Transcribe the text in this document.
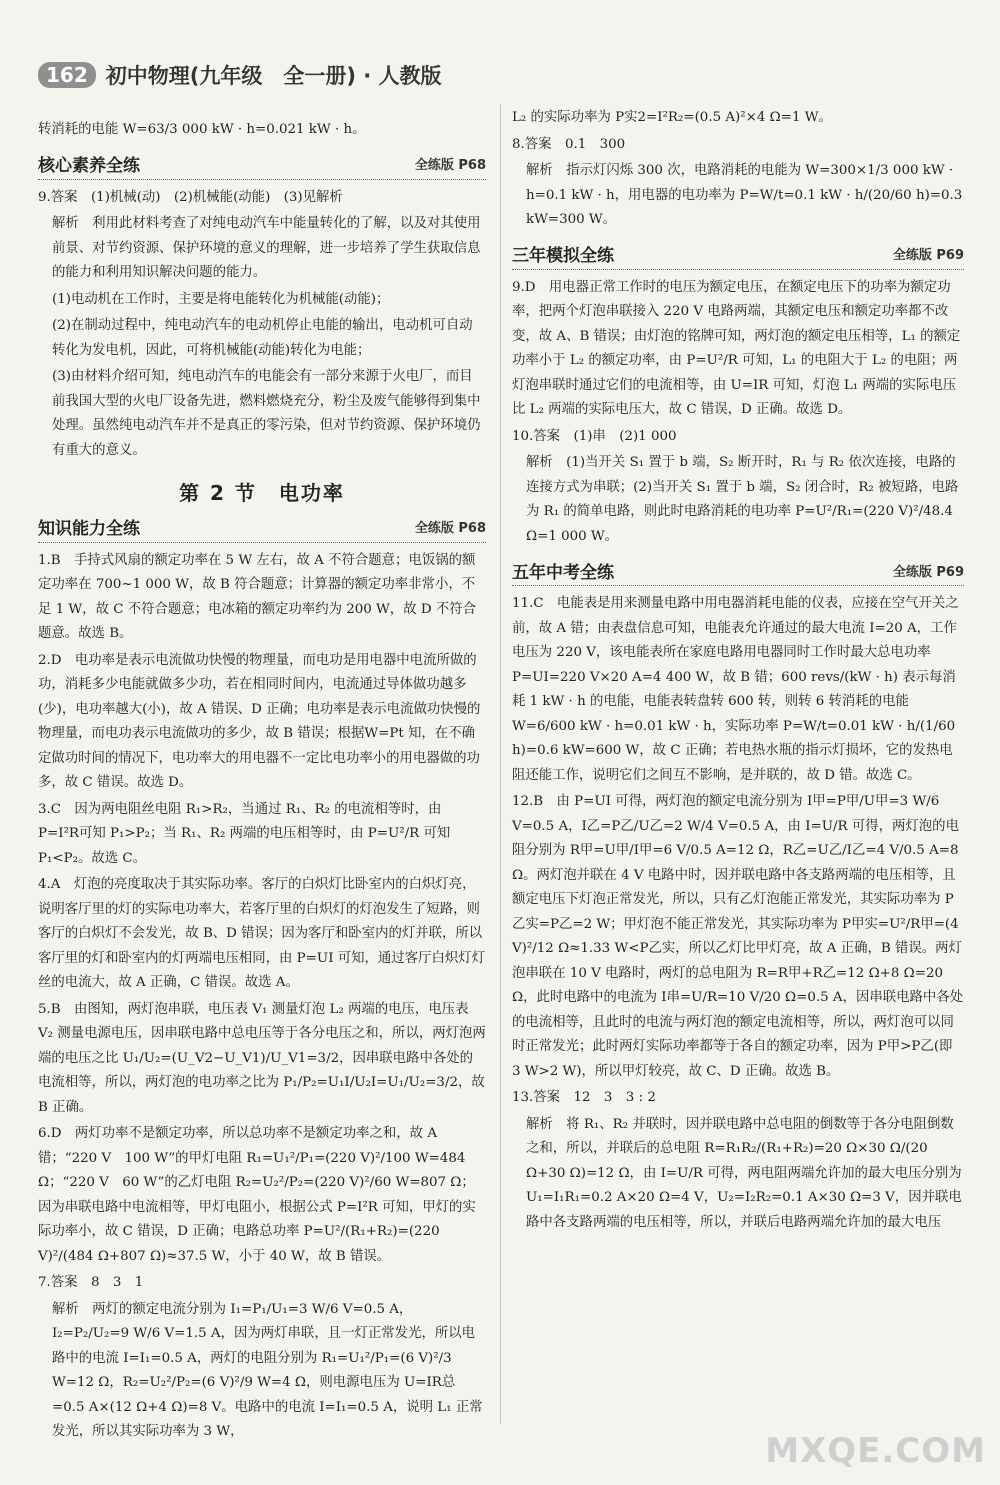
162 初中物理(九年级　全一册) · 人教版

转消耗的电能 W=63/3 000 kW · h=0.021 kW · h。

核心素养全练	全练版 P68

9.答案　(1)机械(动)　(2)机械能(动能)　(3)见解析

解析　利用此材料考查了对纯电动汽车中能量转化的了解，以及对其使用前景、对节约资源、保护环境的意义的理解，进一步培养了学生获取信息的能力和利用知识解决问题的能力。

(1)电动机在工作时，主要是将电能转化为机械能(动能)；

(2)在制动过程中，纯电动汽车的电动机停止电能的输出，电动机可自动转化为发电机，因此，可将机械能(动能)转化为电能；

(3)由材料介绍可知，纯电动汽车的电能会有一部分来源于火电厂，而目前我国大型的火电厂设备先进，燃料燃烧充分，粉尘及废气能够得到集中处理。虽然纯电动汽车并不是真正的零污染，但对节约资源、保护环境仍有重大的意义。

第 2 节　电功率
知识能力全练	全练版 P68

1.B　手持式风扇的额定功率在 5 W 左右，故 A 不符合题意；电饭锅的额定功率在 700~1 000 W，故 B 符合题意；计算器的额定功率非常小，不足 1 W，故 C 不符合题意；电冰箱的额定功率约为 200 W，故 D 不符合题意。故选 B。

2.D　电功率是表示电流做功快慢的物理量，而电功是用电器中电流所做的功，消耗多少电能就做多少功，若在相同时间内，电流通过导体做功越多(少)，电功率越大(小)，故 A 错误、D 正确；电功率是表示电流做功快慢的物理量，而电功表示电流做功的多少，故 B 错误；根据W=Pt 知，在不确定做功时间的情况下，电功率大的用电器不一定比电功率小的用电器做的功多，故 C 错误。故选 D。

3.C　因为两电阻丝电阻 R₁>R₂，当通过 R₁、R₂ 的电流相等时，由 P=I²R可知 P₁>P₂；当 R₁、R₂ 两端的电压相等时，由 P=U²/R 可知 P₁<P₂。故选 C。

4.A　灯泡的亮度取决于其实际功率。客厅的白炽灯比卧室内的白炽灯亮，说明客厅里的灯的实际电功率大，若客厅里的白炽灯的灯泡发生了短路，则客厅的白炽灯不会发光，故 B、D 错误；因为客厅和卧室内的灯并联，所以客厅里的灯和卧室内的灯两端电压相同，由 P=UI 可知，通过客厅白炽灯灯丝的电流大，故 A 正确，C 错误。故选 A。

5.B　由图知，两灯泡串联，电压表 V₁ 测量灯泡 L₂ 两端的电压，电压表 V₂ 测量电源电压，因串联电路中总电压等于各分电压之和，所以，两灯泡两端的电压之比 U₁/U₂=(U_V2−U_V1)/U_V1=3/2，因串联电路中各处的电流相等，所以，两灯泡的电功率之比为 P₁/P₂=U₁I/U₂I=U₁/U₂=3/2，故 B 正确。

6.D　两灯功率不是额定功率，所以总功率不是额定功率之和，故 A 错；“220 V　100 W”的甲灯电阻 R₁=U₁²/P₁=(220 V)²/100 W=484 Ω；“220 V　60 W”的乙灯电阻 R₂=U₂²/P₂=(220 V)²/60 W=807 Ω；因为串联电路中电流相等，甲灯电阻小，根据公式 P=I²R 可知，甲灯的实际功率小，故 C 错误，D 正确；电路总功率 P=U²/(R₁+R₂)=(220 V)²/(484 Ω+807 Ω)≈37.5 W，小于 40 W，故 B 错误。

7.答案　8　3　1

解析　两灯的额定电流分别为 I₁=P₁/U₁=3 W/6 V=0.5 A，I₂=P₂/U₂=9 W/6 V=1.5 A，因为两灯串联，且一灯正常发光，所以电路中的电流 I=I₁=0.5 A，两灯的电阻分别为 R₁=U₁²/P₁=(6 V)²/3 W=12 Ω，R₂=U₂²/P₂=(6 V)²/9 W=4 Ω，则电源电压为 U=IR总=0.5 A×(12 Ω+4 Ω)=8 V。电路中的电流 I=I₁=0.5 A，说明 L₁ 正常发光，所以其实际功率为 3 W，

L₂ 的实际功率为 P实2=I²R₂=(0.5 A)²×4 Ω=1 W。

8.答案　0.1　300

解析　指示灯闪烁 300 次，电路消耗的电能为 W=300×1/3 000 kW · h=0.1 kW · h，用电器的电功率为 P=W/t=0.1 kW · h/(20/60 h)=0.3 kW=300 W。

三年模拟全练	全练版 P69

9.D　用电器正常工作时的电压为额定电压，在额定电压下的功率为额定功率，把两个灯泡串联接入 220 V 电路两端，其额定电压和额定功率都不改变，故 A、B 错误；由灯泡的铭牌可知，两灯泡的额定电压相等，L₁ 的额定功率小于 L₂ 的额定功率，由 P=U²/R 可知，L₁ 的电阻大于 L₂ 的电阻；两灯泡串联时通过它们的电流相等，由 U=IR 可知，灯泡 L₁ 两端的实际电压比 L₂ 两端的实际电压大，故 C 错误，D 正确。故选 D。

10.答案　(1)串　(2)1 000

解析　(1)当开关 S₁ 置于 b 端，S₂ 断开时，R₁ 与 R₂ 依次连接，电路的连接方式为串联；(2)当开关 S₁ 置于 b 端，S₂ 闭合时，R₂ 被短路，电路为 R₁ 的简单电路，则此时电路消耗的电功率 P=U²/R₁=(220 V)²/48.4 Ω=1 000 W。

五年中考全练	全练版 P69

11.C　电能表是用来测量电路中用电器消耗电能的仪表，应接在空气开关之前，故 A 错；由表盘信息可知，电能表允许通过的最大电流 I=20 A，工作电压为 220 V，该电能表所在家庭电路用电器同时工作时最大总电功率 P=UI=220 V×20 A=4 400 W，故 B 错；600 revs/(kW · h) 表示每消耗 1 kW · h 的电能，电能表转盘转 600 转，则转 6 转消耗的电能 W=6/600 kW · h=0.01 kW · h，实际功率 P=W/t=0.01 kW · h/(1/60 h)=0.6 kW=600 W，故 C 正确；若电热水瓶的指示灯损坏，它的发热电阻还能工作，说明它们之间互不影响，是并联的，故 D 错。故选 C。

12.B　由 P=UI 可得，两灯泡的额定电流分别为 I甲=P甲/U甲=3 W/6 V=0.5 A，I乙=P乙/U乙=2 W/4 V=0.5 A，由 I=U/R 可得，两灯泡的电阻分别为 R甲=U甲/I甲=6 V/0.5 A=12 Ω，R乙=U乙/I乙=4 V/0.5 A=8 Ω。两灯泡并联在 4 V 电路中时，因并联电路中各支路两端的电压相等，且额定电压下灯泡正常发光，所以，只有乙灯泡能正常发光，其实际功率为 P乙实=P乙=2 W；甲灯泡不能正常发光，其实际功率为 P甲实=U²/R甲=(4 V)²/12 Ω≈1.33 W<P乙实，所以乙灯比甲灯亮，故 A 正确，B 错误。两灯泡串联在 10 V 电路时，两灯的总电阻为 R=R甲+R乙=12 Ω+8 Ω=20 Ω，此时电路中的电流为 I串=U/R=10 V/20 Ω=0.5 A，因串联电路中各处的电流相等，且此时的电流与两灯泡的额定电流相等，所以，两灯泡可以同时正常发光；此时两灯实际功率都等于各自的额定功率，因为 P甲>P乙(即 3 W>2 W)，所以甲灯较亮，故 C、D 正确。故选 B。

13.答案　12　3　3 : 2

解析　将 R₁、R₂ 并联时，因并联电路中总电阻的倒数等于各分电阻倒数之和，所以，并联后的总电阻 R=R₁R₂/(R₁+R₂)=20 Ω×30 Ω/(20 Ω+30 Ω)=12 Ω，由 I=U/R 可得，两电阻两端允许加的最大电压分别为 U₁=I₁R₁=0.2 A×20 Ω=4 V，U₂=I₂R₂=0.1 A×30 Ω=3 V，因并联电路中各支路两端的电压相等，所以，并联后电路两端允许加的最大电压

MXQE.COM
